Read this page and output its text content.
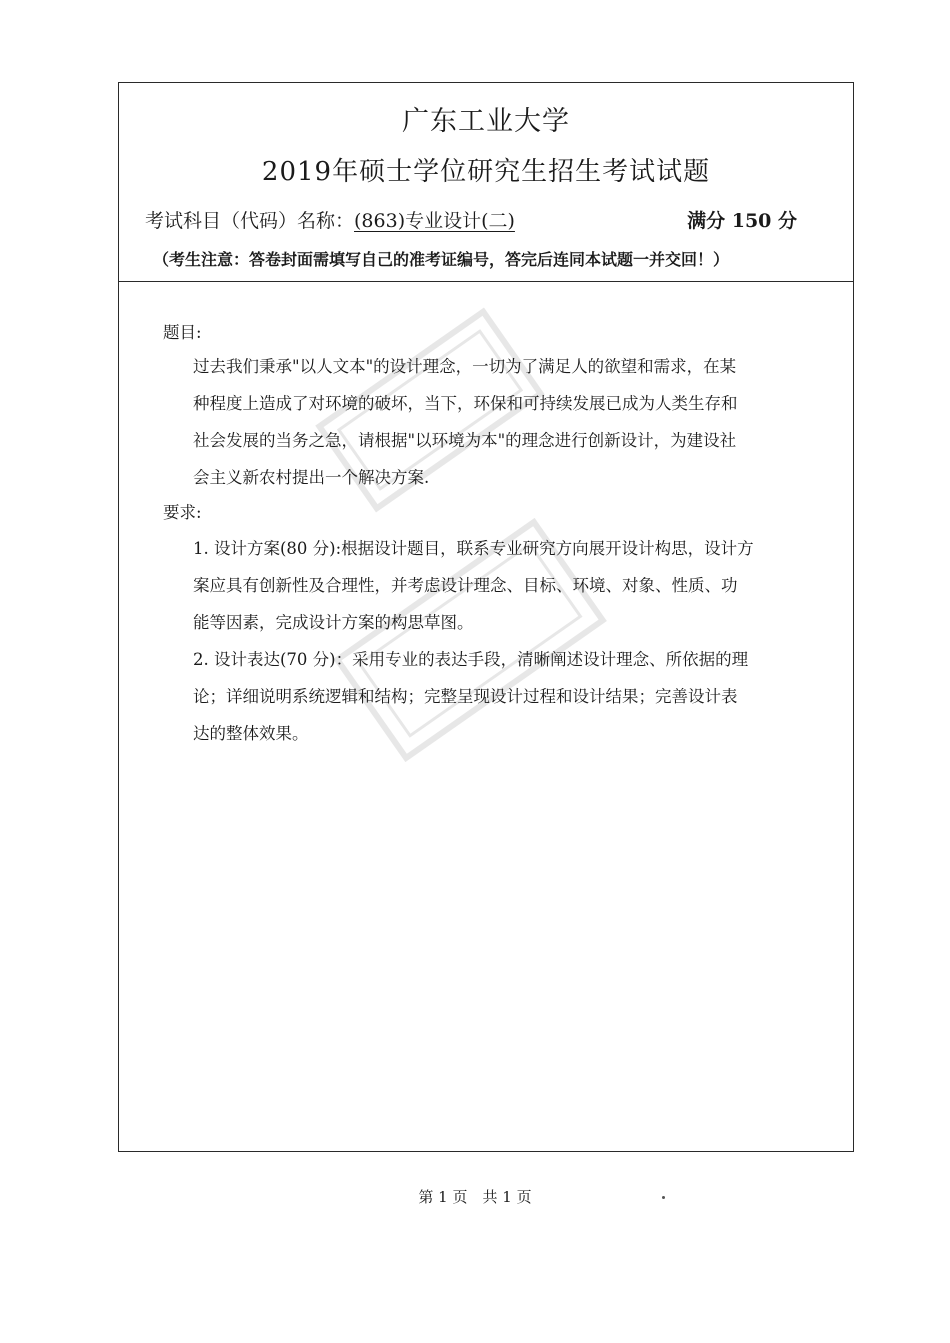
广东工业大学
2019年硕士学位研究生招生考试试题
考试科目（代码）名称：(863)专业设计(二)	满分 150 分
（考生注意：答卷封面需填写自己的准考证编号，答完后连同本试题一并交回！）
题目:
过去我们秉承"以人文本"的设计理念，一切为了满足人的欲望和需求，在某
种程度上造成了对环境的破坏，当下，环保和可持续发展已成为人类生存和
社会发展的当务之急，请根据"以环境为本"的理念进行创新设计，为建设社
会主义新农村提出一个解决方案.
要求:
1. 设计方案(80 分):根据设计题目，联系专业研究方向展开设计构思，设计方
案应具有创新性及合理性，并考虑设计理念、目标、环境、对象、性质、功
能等因素，完成设计方案的构思草图。
2. 设计表达(70 分)：采用专业的表达手段，清晰阐述设计理念、所依据的理
论；详细说明系统逻辑和结构；完整呈现设计过程和设计结果；完善设计表
达的整体效果。
第 1 页　共 1 页
